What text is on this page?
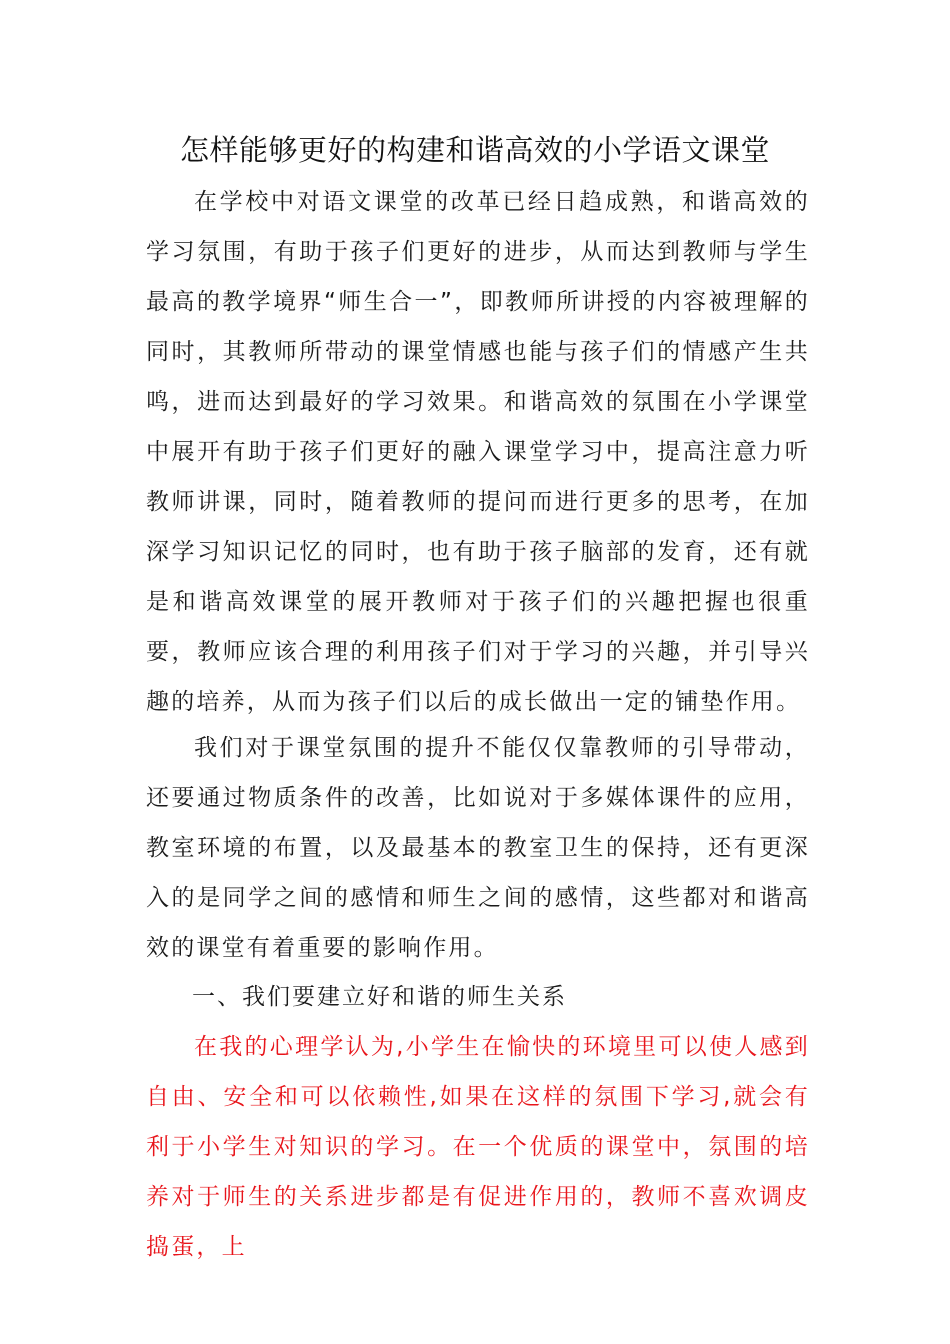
怎样能够更好的构建和谐高效的小学语文课堂

在学校中对语文课堂的改革已经日趋成熟，和谐高效的学习氛围，有助于孩子们更好的进步，从而达到教师与学生最高的教学境界“师生合一”，即教师所讲授的内容被理解的同时，其教师所带动的课堂情感也能与孩子们的情感产生共鸣，进而达到最好的学习效果。和谐高效的氛围在小学课堂中展开有助于孩子们更好的融入课堂学习中，提高注意力听教师讲课，同时，随着教师的提问而进行更多的思考，在加深学习知识记忆的同时，也有助于孩子脑部的发育，还有就是和谐高效课堂的展开教师对于孩子们的兴趣把握也很重要，教师应该合理的利用孩子们对于学习的兴趣，并引导兴趣的培养，从而为孩子们以后的成长做出一定的铺垫作用。

我们对于课堂氛围的提升不能仅仅靠教师的引导带动，还要通过物质条件的改善，比如说对于多媒体课件的应用，教室环境的布置，以及最基本的教室卫生的保持，还有更深入的是同学之间的感情和师生之间的感情，这些都对和谐高效的课堂有着重要的影响作用。

一、我们要建立好和谐的师生关系

在我的心理学认为,小学生在愉快的环境里可以使人感到自由、安全和可以依赖性,如果在这样的氛围下学习,就会有利于小学生对知识的学习。在一个优质的课堂中，氛围的培养对于师生的关系进步都是有促进作用的，教师不喜欢调皮捣蛋，上
